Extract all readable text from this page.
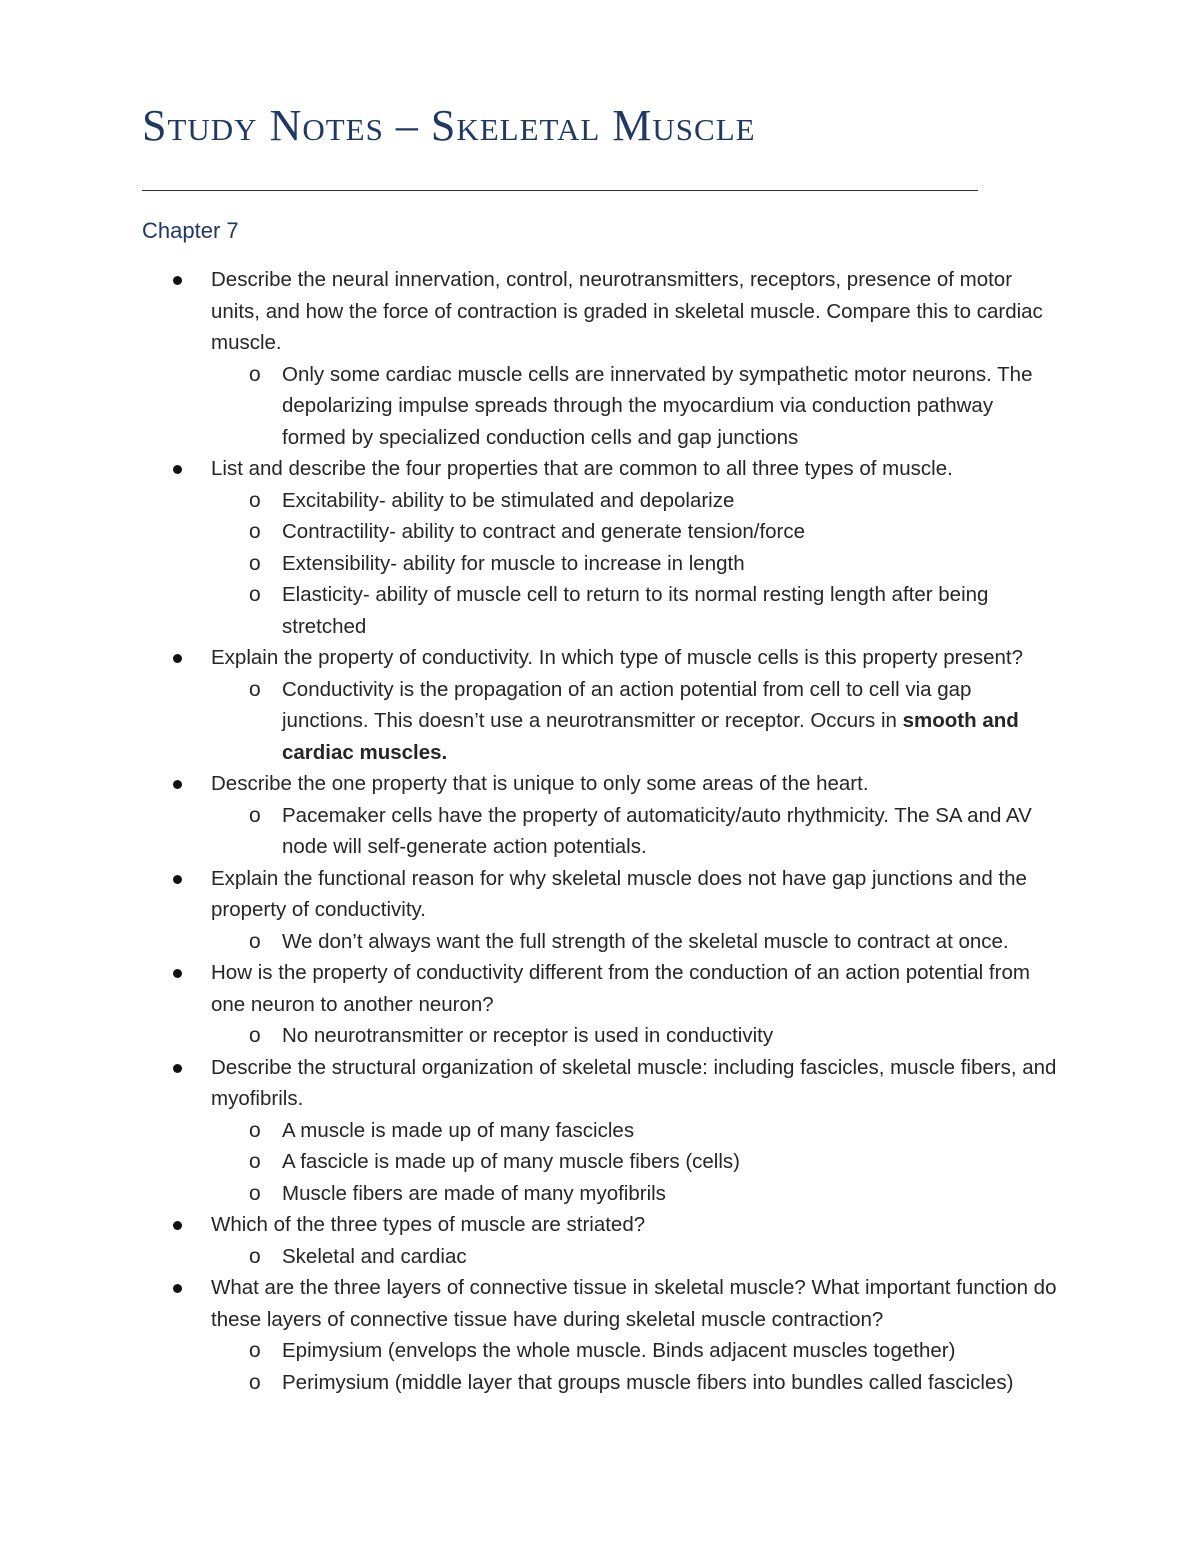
Study Notes – Skeletal Muscle
Chapter 7
Describe the neural innervation, control, neurotransmitters, receptors, presence of motor units, and how the force of contraction is graded in skeletal muscle. Compare this to cardiac muscle.
o Only some cardiac muscle cells are innervated by sympathetic motor neurons. The depolarizing impulse spreads through the myocardium via conduction pathway formed by specialized conduction cells and gap junctions
List and describe the four properties that are common to all three types of muscle.
o Excitability- ability to be stimulated and depolarize
o Contractility- ability to contract and generate tension/force
o Extensibility- ability for muscle to increase in length
o Elasticity- ability of muscle cell to return to its normal resting length after being stretched
Explain the property of conductivity. In which type of muscle cells is this property present?
o Conductivity is the propagation of an action potential from cell to cell via gap junctions. This doesn’t use a neurotransmitter or receptor. Occurs in smooth and cardiac muscles.
Describe the one property that is unique to only some areas of the heart.
o Pacemaker cells have the property of automaticity/auto rhythmicity. The SA and AV node will self-generate action potentials.
Explain the functional reason for why skeletal muscle does not have gap junctions and the property of conductivity.
o We don’t always want the full strength of the skeletal muscle to contract at once.
How is the property of conductivity different from the conduction of an action potential from one neuron to another neuron?
o No neurotransmitter or receptor is used in conductivity
Describe the structural organization of skeletal muscle: including fascicles, muscle fibers, and myofibrils.
o A muscle is made up of many fascicles
o A fascicle is made up of many muscle fibers (cells)
o Muscle fibers are made of many myofibrils
Which of the three types of muscle are striated?
o Skeletal and cardiac
What are the three layers of connective tissue in skeletal muscle? What important function do these layers of connective tissue have during skeletal muscle contraction?
o Epimysium (envelops the whole muscle. Binds adjacent muscles together)
o Perimysium (middle layer that groups muscle fibers into bundles called fascicles)
